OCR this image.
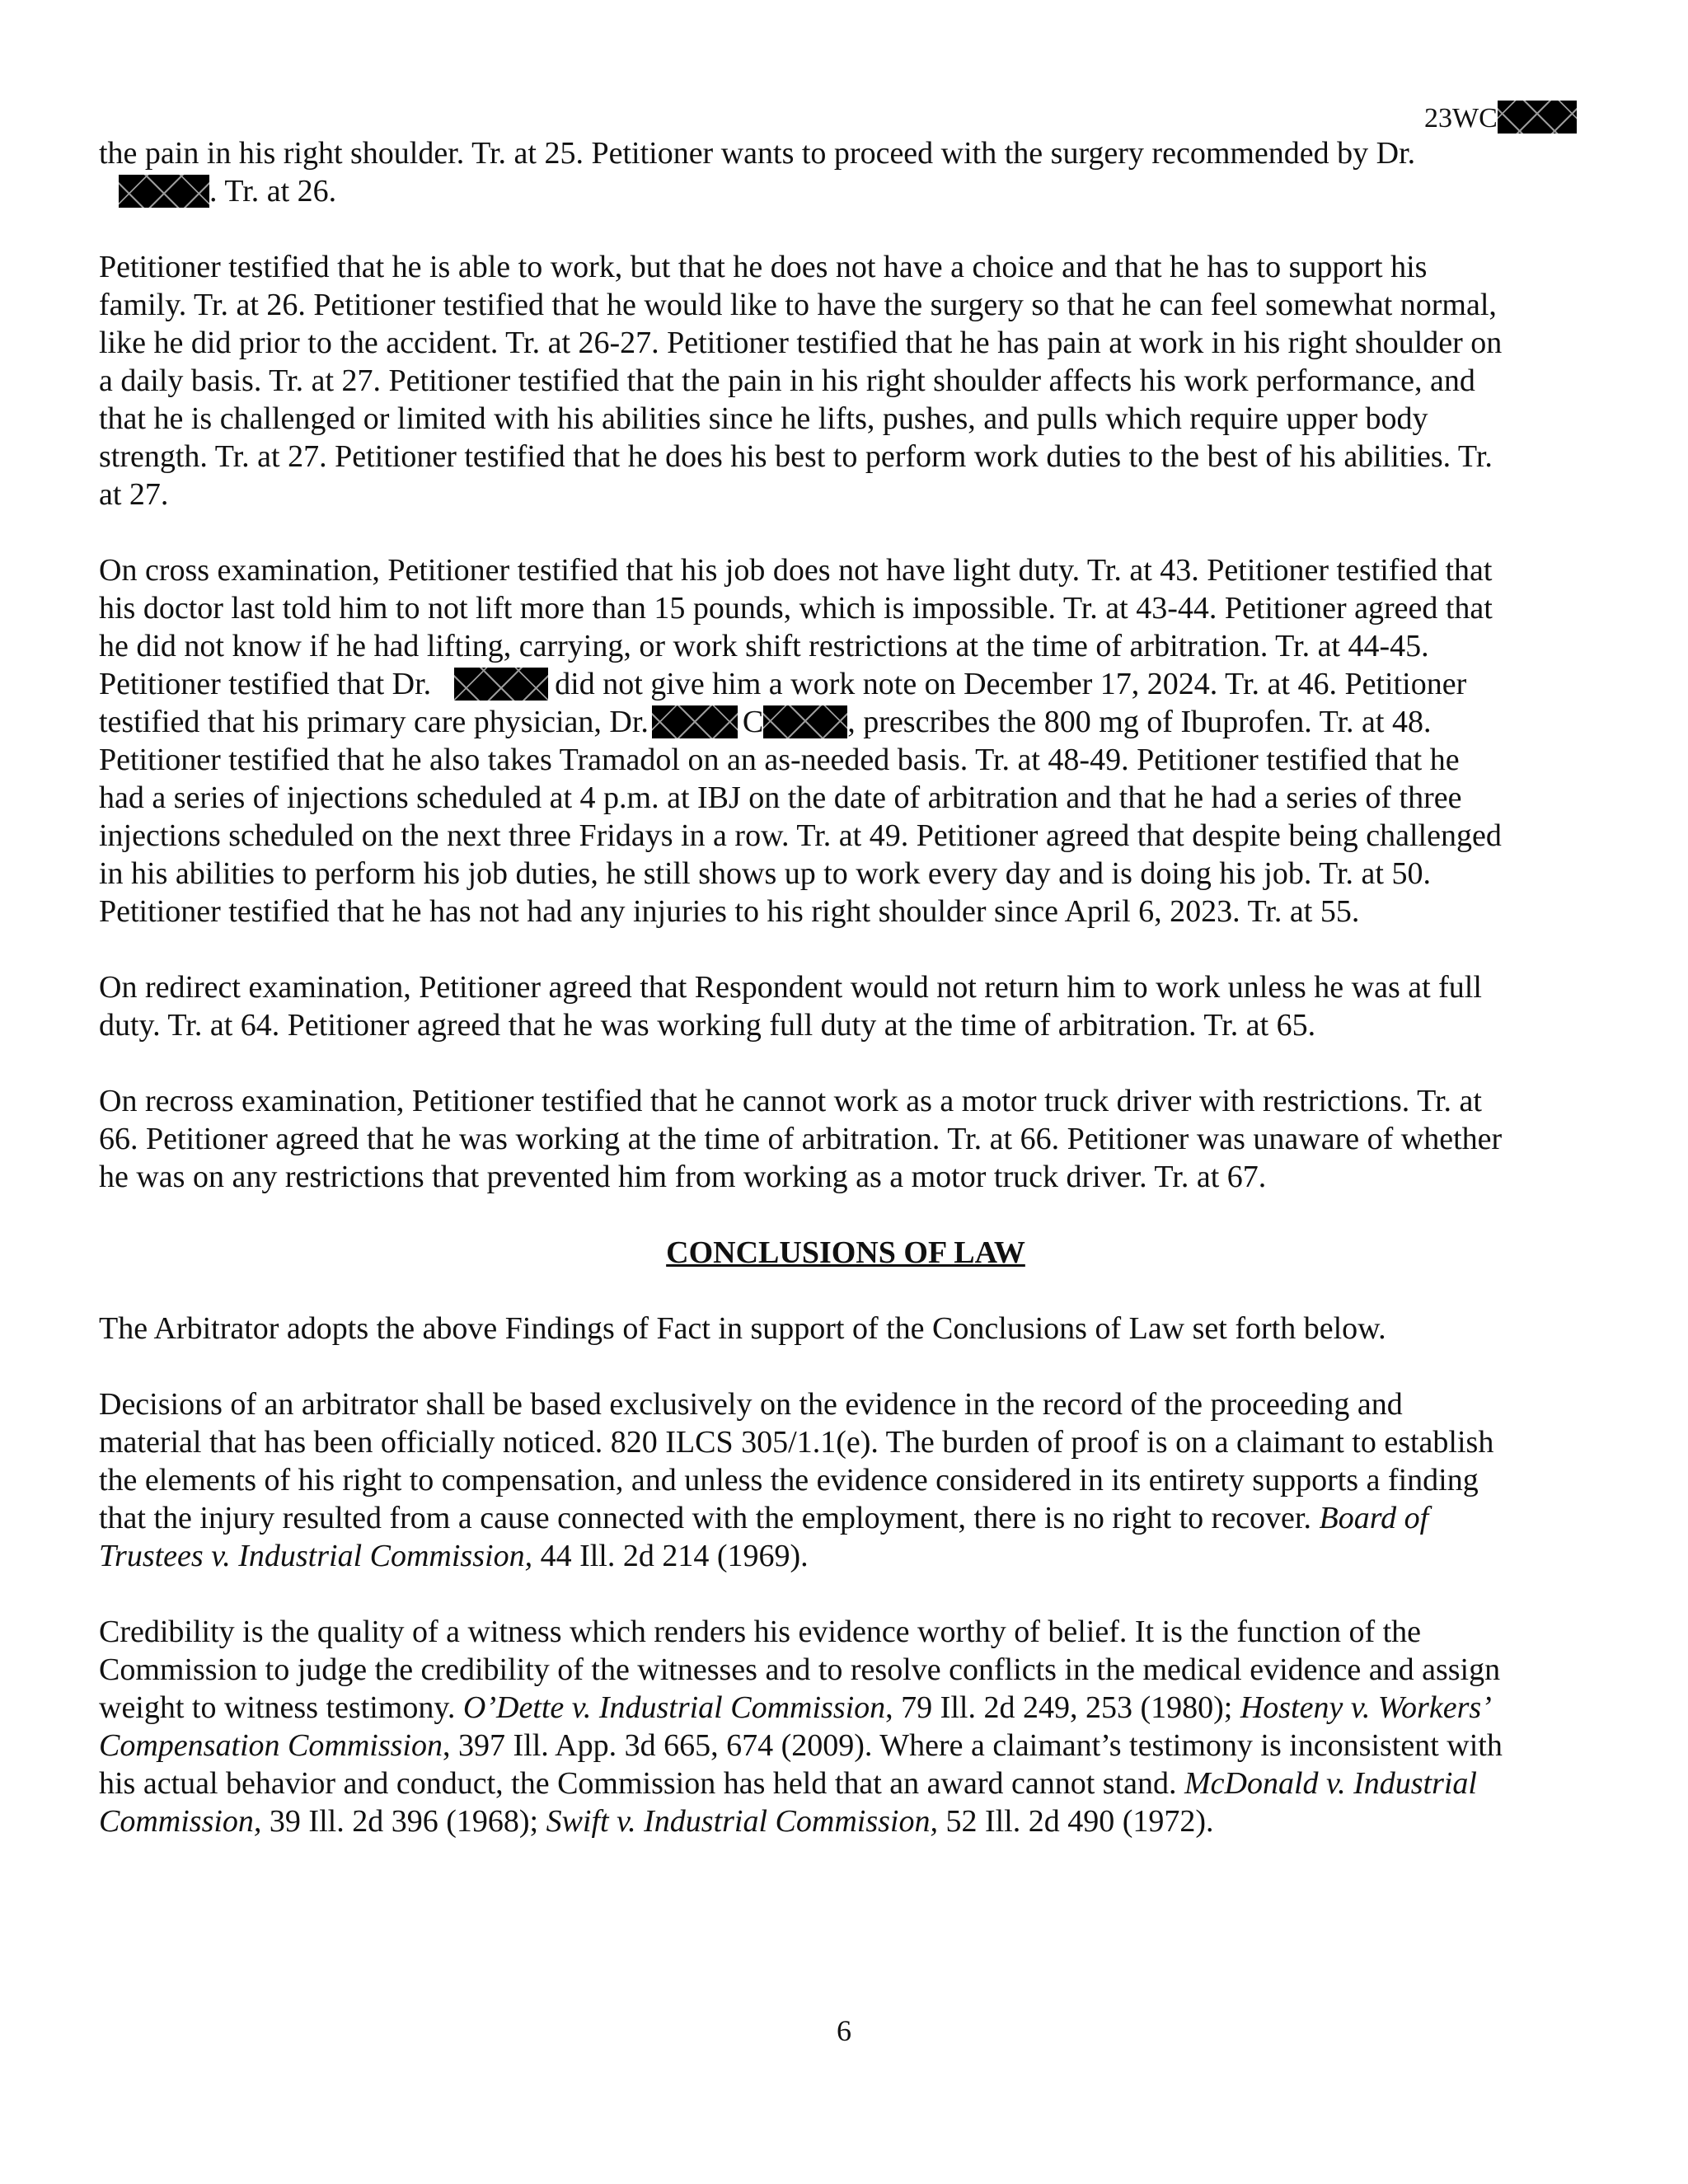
23WC
the pain in his right shoulder. Tr. at 25. Petitioner wants to proceed with the surgery recommended by Dr.
. Tr. at 26.
Petitioner testified that he is able to work, but that he does not have a choice and that he has to support his
family. Tr. at 26. Petitioner testified that he would like to have the surgery so that he can feel somewhat normal,
like he did prior to the accident. Tr. at 26-27. Petitioner testified that he has pain at work in his right shoulder on
a daily basis. Tr. at 27. Petitioner testified that the pain in his right shoulder affects his work performance, and
that he is challenged or limited with his abilities since he lifts, pushes, and pulls which require upper body
strength. Tr. at 27. Petitioner testified that he does his best to perform work duties to the best of his abilities. Tr.
at 27.
On cross examination, Petitioner testified that his job does not have light duty. Tr. at 43. Petitioner testified that
his doctor last told him to not lift more than 15 pounds, which is impossible. Tr. at 43-44. Petitioner agreed that
he did not know if he had lifting, carrying, or work shift restrictions at the time of arbitration. Tr. at 44-45.
Petitioner testified that Dr.	did not give him a work note on December 17, 2024. Tr. at 46. Petitioner
testified that his primary care physician, Dr.	C	, prescribes the 800 mg of Ibuprofen. Tr. at 48.
Petitioner testified that he also takes Tramadol on an as-needed basis. Tr. at 48-49. Petitioner testified that he
had a series of injections scheduled at 4 p.m. at IBJ on the date of arbitration and that he had a series of three
injections scheduled on the next three Fridays in a row. Tr. at 49. Petitioner agreed that despite being challenged
in his abilities to perform his job duties, he still shows up to work every day and is doing his job. Tr. at 50.
Petitioner testified that he has not had any injuries to his right shoulder since April 6, 2023. Tr. at 55.
On redirect examination, Petitioner agreed that Respondent would not return him to work unless he was at full
duty. Tr. at 64. Petitioner agreed that he was working full duty at the time of arbitration. Tr. at 65.
On recross examination, Petitioner testified that he cannot work as a motor truck driver with restrictions. Tr. at
66. Petitioner agreed that he was working at the time of arbitration. Tr. at 66. Petitioner was unaware of whether
he was on any restrictions that prevented him from working as a motor truck driver. Tr. at 67.
CONCLUSIONS OF LAW
The Arbitrator adopts the above Findings of Fact in support of the Conclusions of Law set forth below.
Decisions of an arbitrator shall be based exclusively on the evidence in the record of the proceeding and
material that has been officially noticed. 820 ILCS 305/1.1(e). The burden of proof is on a claimant to establish
the elements of his right to compensation, and unless the evidence considered in its entirety supports a finding
that the injury resulted from a cause connected with the employment, there is no right to recover. Board of
Trustees v. Industrial Commission, 44 Ill. 2d 214 (1969).
Credibility is the quality of a witness which renders his evidence worthy of belief. It is the function of the
Commission to judge the credibility of the witnesses and to resolve conflicts in the medical evidence and assign
weight to witness testimony. O’Dette v. Industrial Commission, 79 Ill. 2d 249, 253 (1980); Hosteny v. Workers’
Compensation Commission, 397 Ill. App. 3d 665, 674 (2009). Where a claimant’s testimony is inconsistent with
his actual behavior and conduct, the Commission has held that an award cannot stand. McDonald v. Industrial
Commission, 39 Ill. 2d 396 (1968); Swift v. Industrial Commission, 52 Ill. 2d 490 (1972).
6
